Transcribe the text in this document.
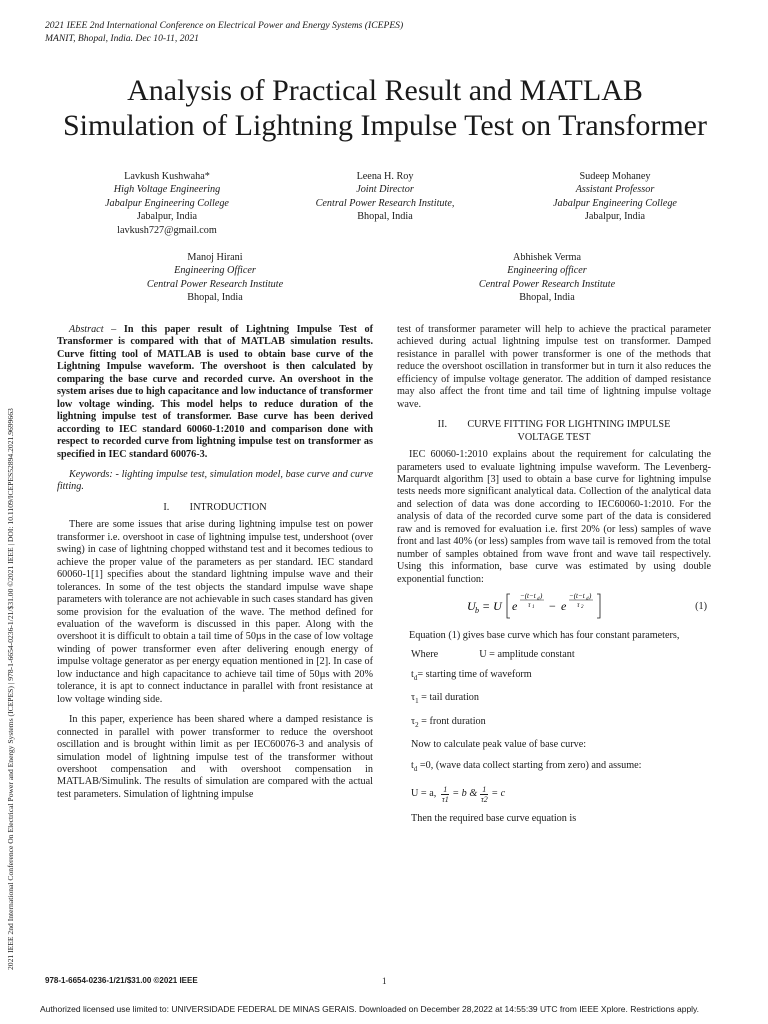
2021 IEEE 2nd International Conference on Electrical Power and Energy Systems (ICEPES)
MANIT, Bhopal, India. Dec 10-11, 2021
2021 IEEE 2nd International Conference On Electrical Power and Energy Systems (ICEPES) | 978-1-6654-0236-1/21/$31.00 ©2021 IEEE | DOI: 10.1109/ICEPES52894.2021.9699663
Analysis of Practical Result and MATLAB
Simulation of Lightning Impulse Test on Transformer
Lavkush Kushwaha*
High Voltage Engineering
Jabalpur Engineering College
Jabalpur, India
lavkush727@gmail.com
Leena H. Roy
Joint Director
Central Power Research Institute,
Bhopal, India
Sudeep Mohaney
Assistant Professor
Jabalpur Engineering College
Jabalpur, India
Manoj Hirani
Engineering Officer
Central Power Research Institute
Bhopal, India
Abhishek Verma
Engineering officer
Central Power Research Institute
Bhopal, India

Abstract – In this paper result of Lightning Impulse Test of Transformer is compared with that of MATLAB simulation results. Curve fitting tool of MATLAB is used to obtain base curve of the Lightning Impulse waveform. The overshoot is then calculated by comparing the base curve and recorded curve. An overshoot in the system arises due to high capacitance and low inductance of transformer low voltage winding. This model helps to reduce duration of the lightning impulse test of transformer. Base curve has been derived according to IEC standard 60060-1:2010 and comparison done with respect to recorded curve from lightning impulse test on transformer as specified in IEC standard 60076-3.

Keywords: - lighting impulse test, simulation model, base curve and curve fitting.

I.  INTRODUCTION

There are some issues that arise during lightning impulse test on power transformer i.e. overshoot in case of lightning impulse test, undershoot (over swing) in case of lightning chopped withstand test and it becomes tedious to achieve the proper value of the parameters as per standard. IEC standard 60060-1[1] specifies about the standard lightning impulse wave and their tolerances. In some of the test objects the standard impulse wave shape parameters with tolerance are not achievable in such cases standard has given some provision for the evaluation of the wave. The method defined for evaluation of the waveform is discussed in this paper. Along with the overshoot it is difficult to obtain a tail time of 50µs in the case of low voltage winding of power transformer even after delivering enough energy of impulse voltage generator as per energy equation mentioned in [2]. In case of low inductance and high capacitance to achieve tail time of 50µs with 20% tolerance, it is apt to connect inductance in parallel with front resistance at low voltage winding side.

In this paper, experience has been shared where a damped resistance is connected in parallel with power transformer to reduce the overshoot oscillation and is brought within limit as per IEC60076-3 and analysis of simulation model of lightning impulse test of the transformer without overshoot compensation and with overshoot compensation in MATLAB/Simulink. The results of simulation are compared with the actual test parameters. Simulation of lightning impulse

test of transformer parameter will help to achieve the practical parameter achieved during actual lightning impulse test on transformer. Damped resistance in parallel with power transformer is one of the methods that reduce the overshoot oscillation in transformer but in turn it also reduces the efficiency of impulse voltage generator. The addition of damped resistance may also affect the front time and tail time of lightning impulse voltage wave.

II.  CURVE FITTING FOR LIGHTNING IMPULSE
VOLTAGE TEST

IEC 60060-1:2010 explains about the requirement for calculating the parameters used to evaluate lightning impulse waveform. The Levenberg-Marquardt algorithm [3] used to obtain a base curve for lightning impulse tests needs more significant analytical data. Collection of the analytical data and selection of data was done according to IEC60060-1:2010. For the analysis of data of the recorded curve some part of the data is considered raw and is removed for evaluation i.e. first 20% (or less) samples of wave front and last 40% (or less) samples from wave tail is removed from the total number of samples obtained from wave front and wave tail respectively. Using this information, base curve was estimated by using double exponential function:

U b = U e
−(t−t d )
τ 1 − e
−(t−t d )
τ 2	(1)

Equation (1) gives base curve which has four constant parameters,

Where	U = amplitude constant
$t_d=$ starting time of waveform
$\tau_1$ = tail duration
$\tau_2$ = front duration
Now to calculate peak value of base curve:
$t_d =0$, (wave data collect starting from zero) and assume:
U = a, $\frac{1}{\tau 1} = b$ & $\frac{1}{\tau 2} = c$
Then the required base curve equation is
978-1-6654-0236-1/21/$31.00 ©2021 IEEE	1
Authorized licensed use limited to: UNIVERSIDADE FEDERAL DE MINAS GERAIS. Downloaded on December 28,2022 at 14:55:39 UTC from IEEE Xplore. Restrictions apply.
